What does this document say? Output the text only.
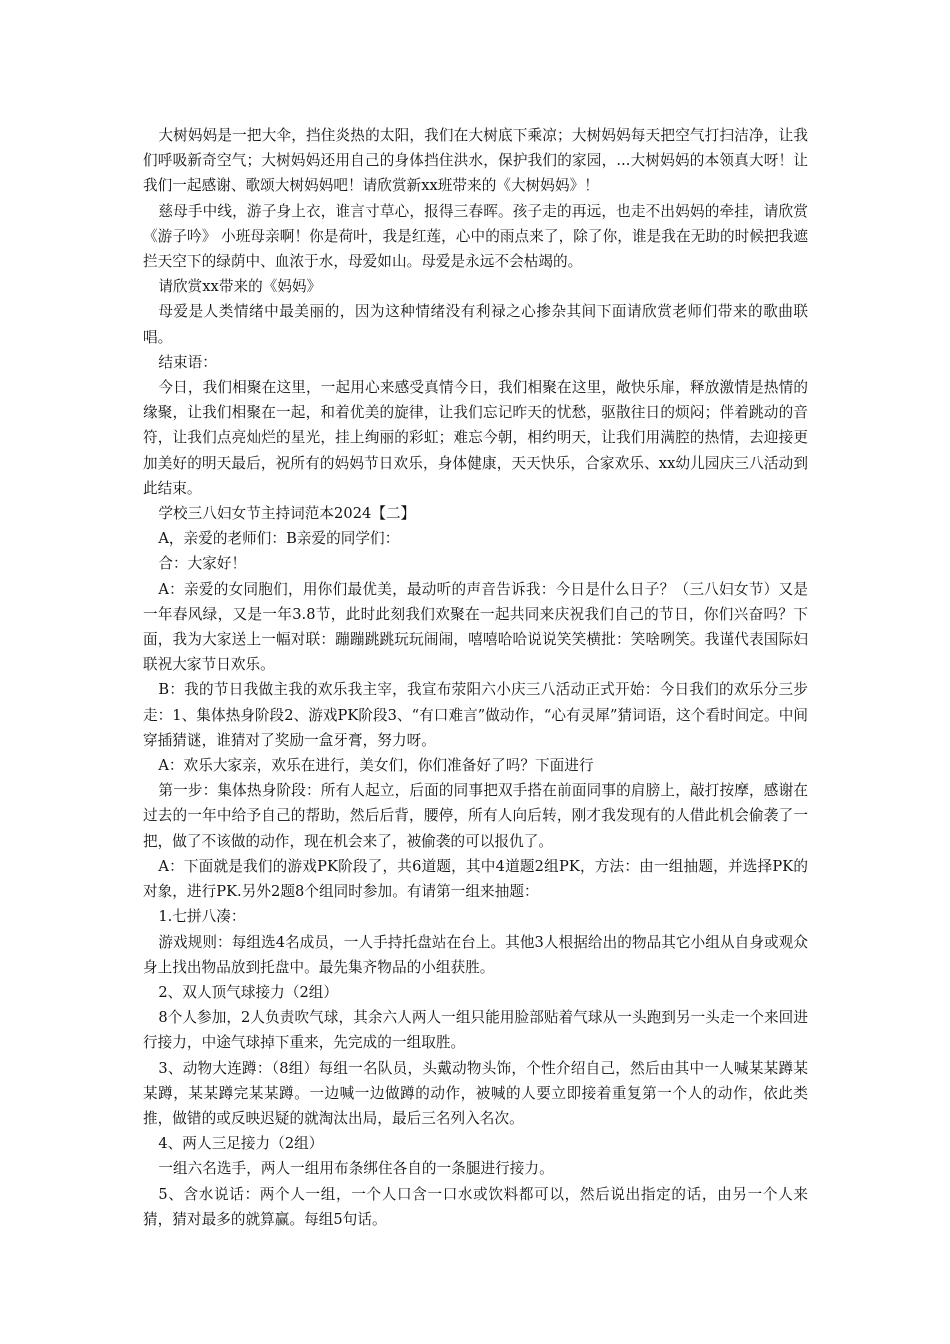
大树妈妈是一把大伞，挡住炎热的太阳，我们在大树底下乘凉；大树妈妈每天把空气打扫洁净，让我们呼吸新奇空气；大树妈妈还用自己的身体挡住洪水，保护我们的家园，...大树妈妈的本领真大呀！让我们一起感谢、歌颂大树妈妈吧！请欣赏新xx班带来的《大树妈妈》！

慈母手中线，游子身上衣，谁言寸草心，报得三春晖。孩子走的再远，也走不出妈妈的牵挂，请欣赏《游子吟》 小班母亲啊！你是荷叶，我是红莲，心中的雨点来了，除了你，谁是我在无助的时候把我遮拦天空下的绿荫中、血浓于水，母爱如山。母爱是永远不会枯竭的。

请欣赏xx带来的《妈妈》

母爱是人类情绪中最美丽的，因为这种情绪没有利禄之心掺杂其间下面请欣赏老师们带来的歌曲联唱。

结束语：

今日，我们相聚在这里，一起用心来感受真情今日，我们相聚在这里，敞快乐扉，释放激情是热情的缘聚，让我们相聚在一起，和着优美的旋律，让我们忘记昨天的忧愁，驱散往日的烦闷；伴着跳动的音符，让我们点亮灿烂的星光，挂上绚丽的彩虹；难忘今朝，相约明天，让我们用满腔的热情，去迎接更加美好的明天最后，祝所有的妈妈节日欢乐，身体健康，天天快乐，合家欢乐、xx幼儿园庆三八活动到此结束。

学校三八妇女节主持词范本2024【二】

A，亲爱的老师们：B亲爱的同学们：

合：大家好！

A：亲爱的女同胞们，用你们最优美，最动听的声音告诉我：今日是什么日子？（三八妇女节）又是一年春风绿，又是一年3.8节，此时此刻我们欢聚在一起共同来庆祝我们自己的节日，你们兴奋吗？下面，我为大家送上一幅对联：蹦蹦跳跳玩玩闹闹，嘻嘻哈哈说说笑笑横批：笑啥咧笑。我谨代表国际妇联祝大家节日欢乐。

B：我的节日我做主我的欢乐我主宰，我宣布荥阳六小庆三八活动正式开始：今日我们的欢乐分三步走：1、集体热身阶段2、游戏PK阶段3、“有口难言”做动作，“心有灵犀”猜词语，这个看时间定。中间穿插猜谜，谁猜对了奖励一盒牙膏，努力呀。

A：欢乐大家亲，欢乐在进行，美女们，你们准备好了吗？下面进行

第一步：集体热身阶段：所有人起立，后面的同事把双手搭在前面同事的肩膀上，敲打按摩，感谢在过去的一年中给予自己的帮助，然后后背，腰停，所有人向后转，刚才我发现有的人借此机会偷袭了一把，做了不该做的动作，现在机会来了，被偷袭的可以报仇了。

A：下面就是我们的游戏PK阶段了，共6道题，其中4道题2组PK，方法：由一组抽题，并选择PK的对象，进行PK.另外2题8个组同时参加。有请第一组来抽题：

1.七拼八凑：

游戏规则：每组选4名成员，一人手持托盘站在台上。其他3人根据给出的物品其它小组从自身或观众身上找出物品放到托盘中。最先集齐物品的小组获胜。

2、双人顶气球接力（2组）

8个人参加，2人负责吹气球，其余六人两人一组只能用脸部贴着气球从一头跑到另一头走一个来回进行接力，中途气球掉下重来，先完成的一组取胜。

3、动物大连蹲：（8组）每组一名队员，头戴动物头饰，个性介绍自己，然后由其中一人喊某某蹲某某蹲，某某蹲完某某蹲。一边喊一边做蹲的动作，被喊的人要立即接着重复第一个人的动作，依此类推，做错的或反映迟疑的就淘汰出局，最后三名列入名次。

4、两人三足接力（2组）

一组六名选手，两人一组用布条绑住各自的一条腿进行接力。

5、含水说话：两个人一组，一个人口含一口水或饮料都可以，然后说出指定的话，由另一个人来猜，猜对最多的就算赢。每组5句话。
